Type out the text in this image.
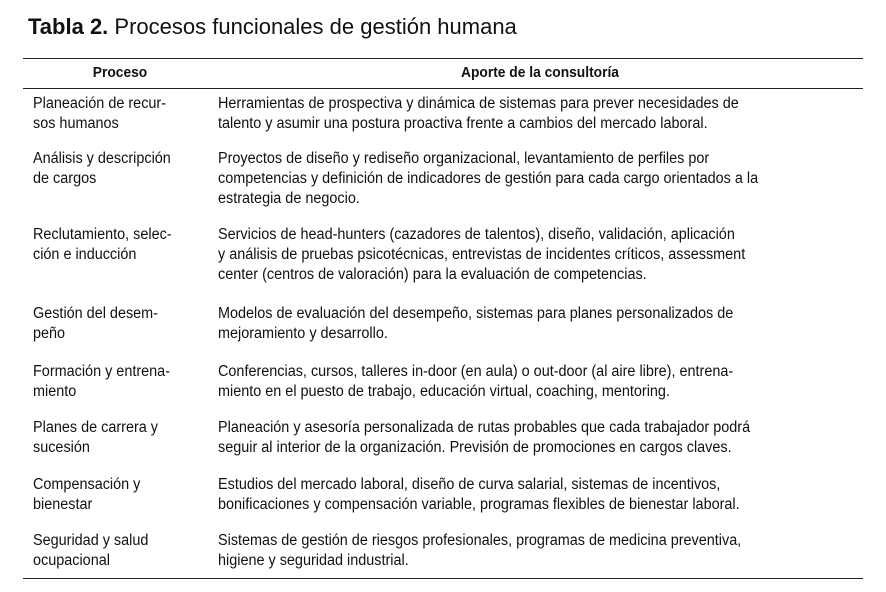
Tabla 2. Procesos funcionales de gestión humana
Proceso	Aporte de la consultoría
Planeación de recur-
sos humanos
Herramientas de prospectiva y dinámica de sistemas para prever necesidades de
talento y asumir una postura proactiva frente a cambios del mercado laboral.
Análisis y descripción
de cargos
Proyectos de diseño y rediseño organizacional, levantamiento de perfiles por
competencias y definición de indicadores de gestión para cada cargo orientados a la
estrategia de negocio.
Reclutamiento, selec-
ción e inducción
Servicios de head-hunters (cazadores de talentos), diseño, validación, aplicación
y análisis de pruebas psicotécnicas, entrevistas de incidentes críticos, assessment
center (centros de valoración) para la evaluación de competencias.
Gestión del desem-
peño
Modelos de evaluación del desempeño, sistemas para planes personalizados de
mejoramiento y desarrollo.
Formación y entrena-
miento
Conferencias, cursos, talleres in-door (en aula) o out-door (al aire libre), entrena-
miento en el puesto de trabajo, educación virtual, coaching, mentoring.
Planes de carrera y
sucesión
Planeación y asesoría personalizada de rutas probables que cada trabajador podrá
seguir al interior de la organización. Previsión de promociones en cargos claves.
Compensación y
bienestar
Estudios del mercado laboral, diseño de curva salarial, sistemas de incentivos,
bonificaciones y compensación variable, programas flexibles de bienestar laboral.
Seguridad y salud
ocupacional
Sistemas de gestión de riesgos profesionales, programas de medicina preventiva,
higiene y seguridad industrial.
